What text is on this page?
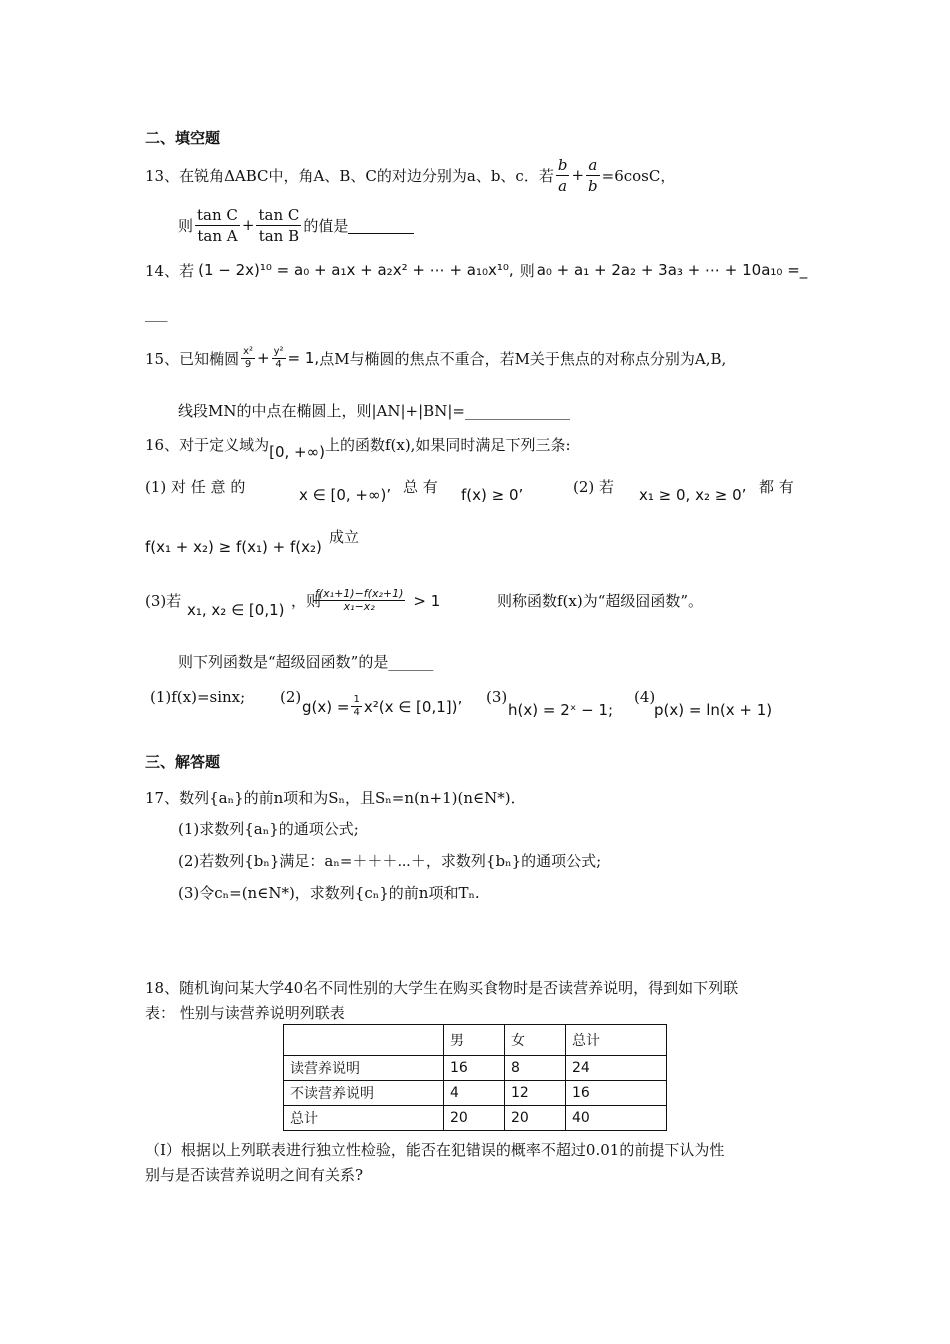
二、填空题
13、 在锐角ΔABC中，角A、B、C的对边分别为a、b、c．若 $\frac{b}{a} + \frac{a}{b} =6\cos C$，
则 $\frac{\text{tan C}}{\text{tan A}} + \frac{\text{tan C}}{\text{tan B}}$ 的值是
14、若 (1 − 2x)¹⁰ = a₀ + a₁x + a₂x² + ⋯ + a₁₀x¹⁰, 则 a₀ + a₁ + 2a₂ + 3a₃ + ⋯ + 10a₁₀ = _
___
15、已知椭圆 $\frac{\text{x²}}{9} + \frac{\text{y²}}{4} = 1$, 点M与椭圆的焦点不重合，若M关于焦点的对称点分别为A,B,
线段MN的中点在椭圆上，则|AN|+|BN|=______________
16、对于定义域为 [0, +∞) 上的函数f(x),如果同时满足下列三条:
(1) 对 任 意 的	x ∈ [0, +∞)’ 总 有 f(x) ≥ 0’	(2) 若 x₁ ≥ 0, x₂ ≥ 0’ 都 有
f(x₁ + x₂) ≥ f(x₁) + f(x₂)
成立
(3)若 x₁, x₂ ∈ [0,1) ，则
$\frac{\text{f(x₁+1)−f(x₂+1)}}{\text{x₁−x₂}} > 1$	则称函数f(x)为“超级囧函数”。
则下列函数是“超级囧函数”的是______
(1)f(x)=sinx; (2)
$g(x) = \frac{1}{4} x^2(x$ ∈ [0,1])’
(3)
h(x) = 2ˣ − 1;
(4)
p(x) = ln(x + 1)
三、解答题
17、数列{aₙ}的前n项和为Sₙ，且Sₙ=n(n+1)(n∈N*)．
(1)求数列{aₙ}的通项公式;
(2)若数列{bₙ}满足：aₙ=＋＋＋⋯＋，求数列{bₙ}的通项公式;
(3)令cₙ=(n∈N*)，求数列{cₙ}的前n项和Tₙ.
18、随机询问某大学40名不同性别的大学生在购买食物时是否读营养说明，得到如下列联
表： 性别与读营养说明列联表
	男	女	总计
读营养说明	16	8	24
不读营养说明	4	12	16
总计	20	20	40
（Ⅰ）根据以上列联表进行独立性检验，能否在犯错误的概率不超过0.01的前提下认为性
别与是否读营养说明之间有关系?
